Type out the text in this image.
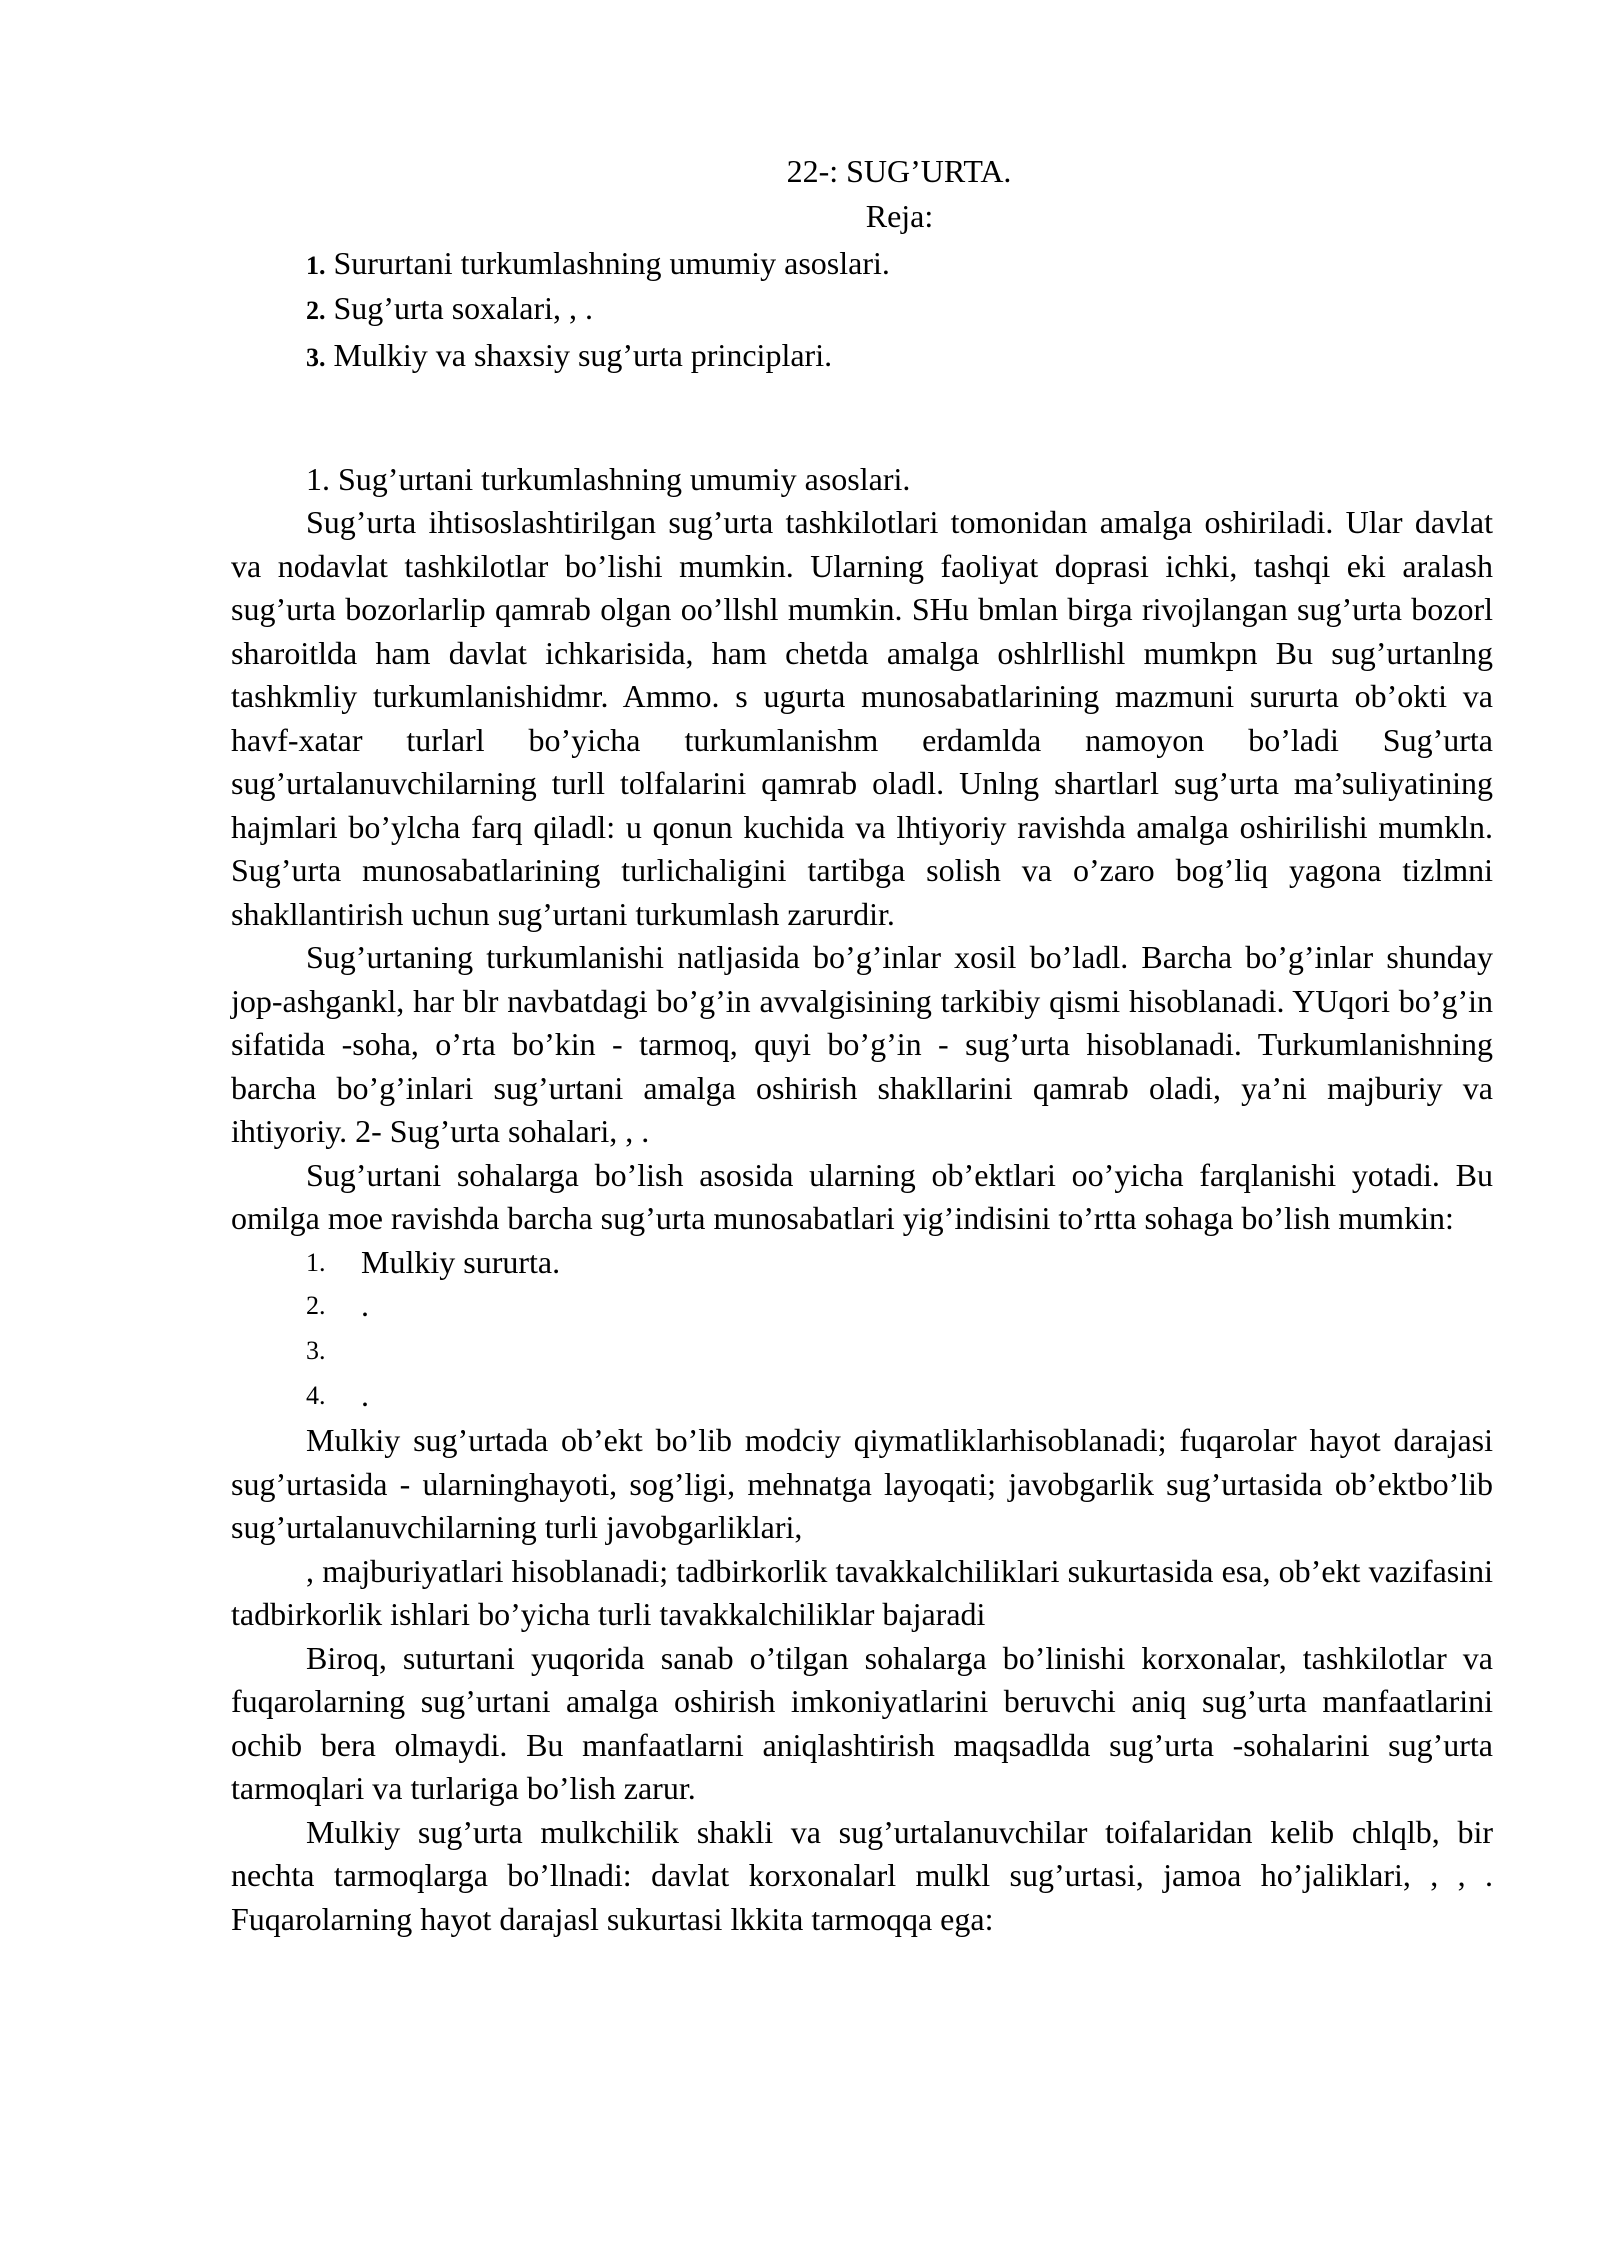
22-: SUG’URTA.
Reja:
1. Sururtani turkumlashning umumiy asoslari.
2. Sug’urta soxalari, , .
3. Mulkiy va shaxsiy sug’urta principlari.
1. Sug’urtani turkumlashning umumiy asoslari.

Sug’urta ihtisoslashtirilgan sug’urta tashkilotlari tomonidan amalga oshiriladi. Ular davlat va nodavlat tashkilotlar bo’lishi mumkin. Ularning faoliyat doprasi ichki, tashqi eki aralash sug’urta bozorlarlip qamrab olgan oo’llshl mumkin. SHu bmlan birga rivojlangan sug’urta bozorl sharoitlda ham davlat ichkarisida, ham chetda amalga oshlrllishl mumkpn Bu sug’urtanlng tashkmliy turkumlanishidmr. Ammo. s ugurta munosabatlarining mazmuni sururta ob’okti va havf-xatar turlarl bo’yicha turkumlanishm erdamlda namoyon bo’ladi Sug’urta sug’urtalanuvchilarning turll tolfalarini qamrab oladl. Unlng shartlarl sug’urta ma’suliyatining hajmlari bo’ylcha farq qiladl: u qonun kuchida va lhtiyoriy ravishda amalga oshirilishi mumkln. Sug’urta munosabatlarining turlichaligini tartibga solish va o’zaro bog’liq yagona tizlmni shakllantirish uchun sug’urtani turkumlash zarurdir.

Sug’urtaning turkumlanishi natljasida bo’g’inlar xosil bo’ladl. Barcha bo’g’inlar shunday jop-ashgankl, har blr navbatdagi bo’g’in avvalgisining tarkibiy qismi hisoblanadi. YUqori bo’g’in sifatida -soha, o’rta bo’kin - tarmoq, quyi bo’g’in - sug’urta hisoblanadi. Turkumlanishning barcha bo’g’inlari sug’urtani amalga oshirish shakllarini qamrab oladi, ya’ni majburiy va ihtiyoriy. 2- Sug’urta sohalari, , .

Sug’urtani sohalarga bo’lish asosida ularning ob’ektlari oo’yicha farqlanishi yotadi. Bu omilga moe ravishda barcha sug’urta munosabatlari yig’indisini to’rtta sohaga bo’lish mumkin:

1. Mulkiy sururta.
2. .
3.
4. .

Mulkiy sug’urtada ob’ekt bo’lib modciy qiymatliklarhisoblanadi; fuqarolar hayot darajasi sug’urtasida - ularninghayoti, sog’ligi, mehnatga layoqati; javobgarlik sug’urtasida ob’ektbo’lib sug’urtalanuvchilarning turli javobgarliklari,

, majburiyatlari hisoblanadi; tadbirkorlik tavakkalchiliklari sukurtasida esa, ob’ekt vazifasini tadbirkorlik ishlari bo’yicha turli tavakkalchiliklar bajaradi

Biroq, suturtani yuqorida sanab o’tilgan sohalarga bo’linishi korxonalar, tashkilotlar va fuqarolarning sug’urtani amalga oshirish imkoniyatlarini beruvchi aniq sug’urta manfaatlarini ochib bera olmaydi. Bu manfaatlarni aniqlashtirish maqsadlda sug’urta -sohalarini sug’urta tarmoqlari va turlariga bo’lish zarur.

Mulkiy sug’urta mulkchilik shakli va sug’urtalanuvchilar toifalaridan kelib chlqlb, bir nechta tarmoqlarga bo’llnadi: davlat korxonalarl mulkl sug’urtasi, jamoa ho’jaliklari, , , . Fuqarolarning hayot darajasl sukurtasi lkkita tarmoqqa ega:
